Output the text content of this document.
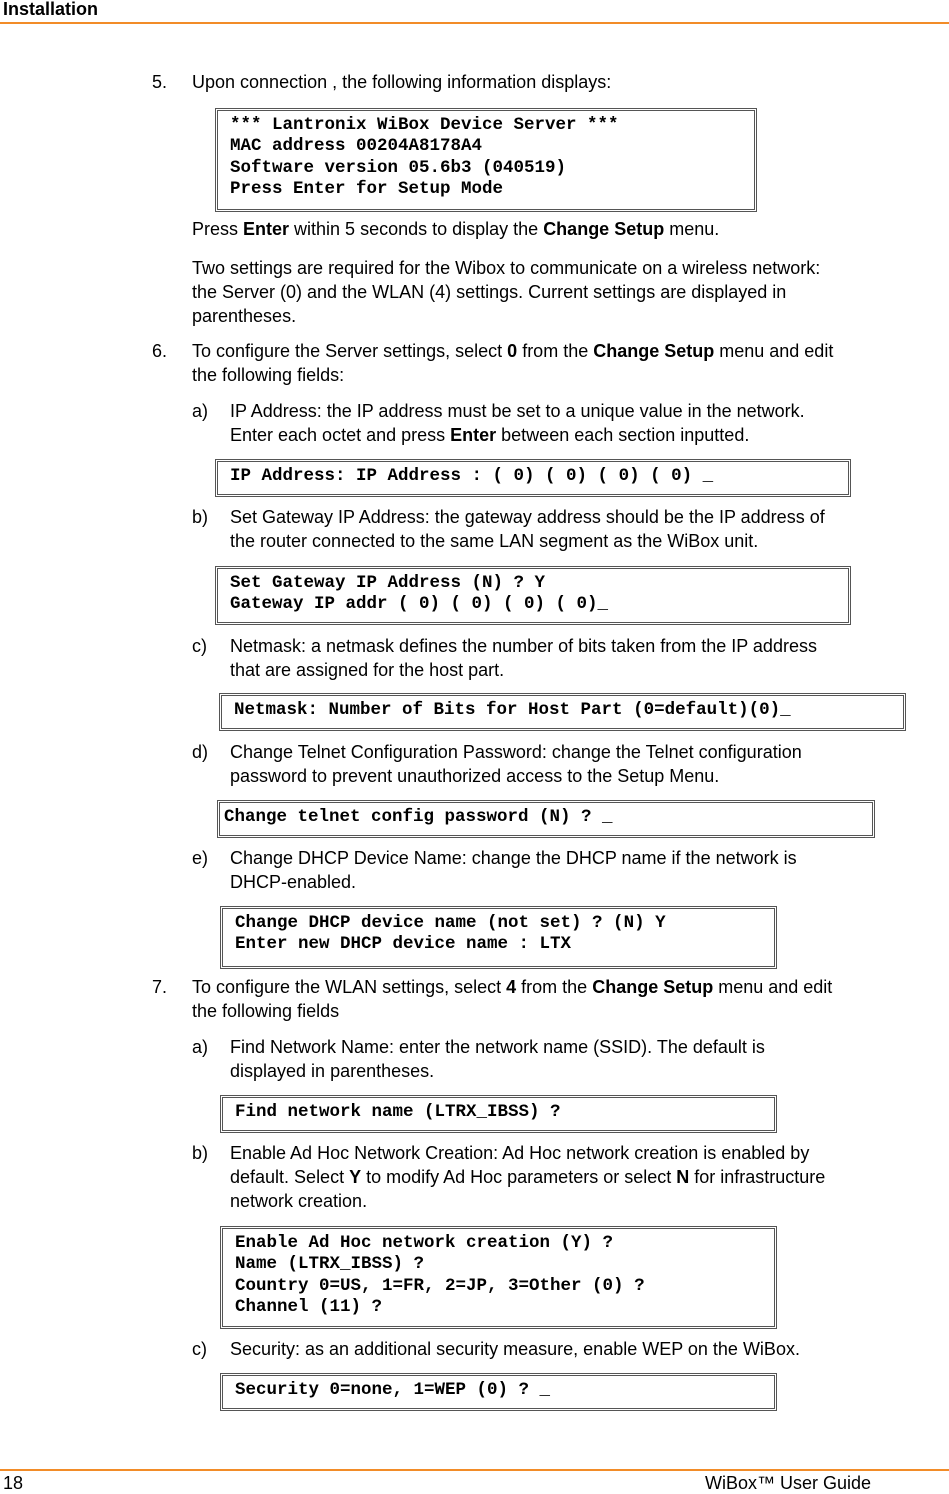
Installation
5. Upon connection , the following information displays:
*** Lantronix WiBox Device Server ***
MAC address 00204A8178A4
Software version 05.6b3 (040519)
Press Enter for Setup Mode
Press Enter within 5 seconds to display the Change Setup menu.
Two settings are required for the Wibox to communicate on a wireless network:
the Server (0) and the WLAN (4) settings. Current settings are displayed in
parentheses.
6. To configure the Server settings, select 0 from the Change Setup menu and edit
the following fields:
a) IP Address: the IP address must be set to a unique value in the network.
Enter each octet and press Enter between each section inputted.
IP Address: IP Address : ( 0) ( 0) ( 0) ( 0) _
b) Set Gateway IP Address: the gateway address should be the IP address of
the router connected to the same LAN segment as the WiBox unit.
Set Gateway IP Address (N) ? Y
Gateway IP addr ( 0) ( 0) ( 0) ( 0)_
c) Netmask: a netmask defines the number of bits taken from the IP address
that are assigned for the host part.
Netmask: Number of Bits for Host Part (0=default)(0)_
d) Change Telnet Configuration Password: change the Telnet configuration
password to prevent unauthorized access to the Setup Menu.
Change telnet config password (N) ? _
e) Change DHCP Device Name: change the DHCP name if the network is
DHCP-enabled.
Change DHCP device name (not set) ? (N) Y
Enter new DHCP device name : LTX
7. To configure the WLAN settings, select 4 from the Change Setup menu and edit
the following fields
a) Find Network Name: enter the network name (SSID). The default is
displayed in parentheses.
Find network name (LTRX_IBSS) ?
b) Enable Ad Hoc Network Creation: Ad Hoc network creation is enabled by
default. Select Y to modify Ad Hoc parameters or select N for infrastructure
network creation.
Enable Ad Hoc network creation (Y) ?
Name (LTRX_IBSS) ?
Country 0=US, 1=FR, 2=JP, 3=Other (0) ?
Channel (11) ?
c) Security: as an additional security measure, enable WEP on the WiBox.
Security 0=none, 1=WEP (0) ? _
18	WiBox™ User Guide
